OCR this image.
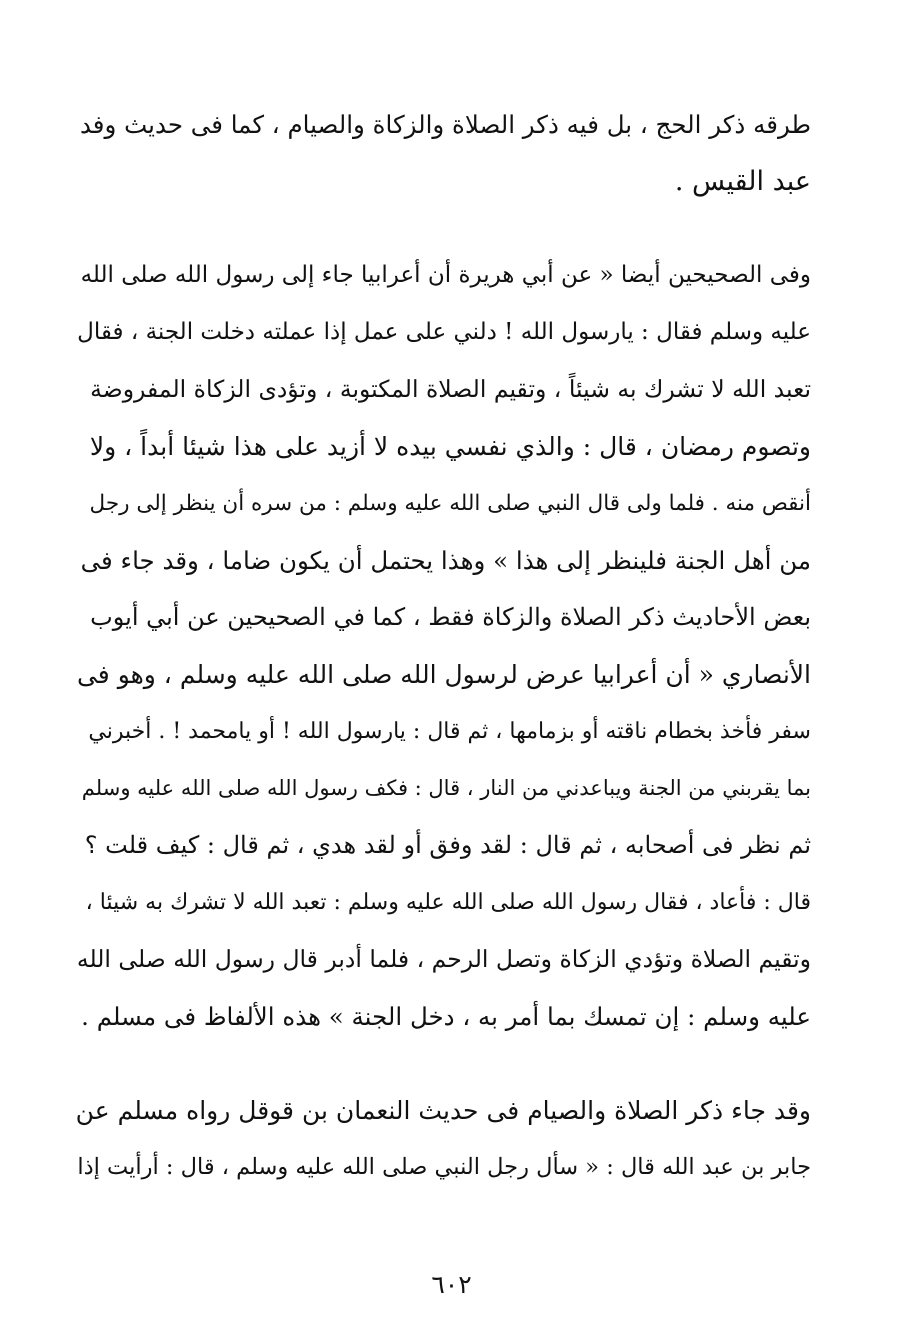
طرقه ذكر الحج ، بل فيه ذكر الصلاة والزكاة والصيام ، كما فى حديث وفد
عبد القيس .

وفى الصحيحين أيضا « عن أبي هريرة أن أعرابيا جاء إلى رسول الله صلى الله
عليه وسلم فقال : يارسول الله ! دلني على عمل إذا عملته دخلت الجنة ، فقال
تعبد الله لا تشرك به شيئاً ، وتقيم الصلاة المكتوبة ، وتؤدى الزكاة المفروضة
وتصوم رمضان ، قال : والذي نفسي بيده لا أزيد على هذا شيئا أبداً ، ولا
أنقص منه . فلما ولى قال النبي صلى الله عليه وسلم : من سره أن ينظر إلى رجل
من أهل الجنة فلينظر إلى هذا » وهذا يحتمل أن يكون ضاما ، وقد جاء فى
بعض الأحاديث ذكر الصلاة والزكاة فقط ، كما في الصحيحين عن أبي أيوب
الأنصاري « أن أعرابيا عرض لرسول الله صلى الله عليه وسلم ، وهو فى
سفر فأخذ بخطام ناقته أو بزمامها ، ثم قال : يارسول الله ! أو يامحمد ! . أخبرني
بما يقربني من الجنة ويباعدني من النار ، قال : فكف رسول الله صلى الله عليه وسلم
ثم نظر فى أصحابه ، ثم قال : لقد وفق أو لقد هدي ، ثم قال : كيف قلت ؟
قال : فأعاد ، فقال رسول الله صلى الله عليه وسلم : تعبد الله لا تشرك به شيئا ،
وتقيم الصلاة وتؤدي الزكاة وتصل الرحم ، فلما أدبر قال رسول الله صلى الله
عليه وسلم : إن تمسك بما أمر به ، دخل الجنة » هذه الألفاظ فى مسلم .

وقد جاء ذكر الصلاة والصيام فى حديث النعمان بن قوقل رواه مسلم عن
جابر بن عبد الله قال : « سأل رجل النبي صلى الله عليه وسلم ، قال : أرأيت إذا

٦٠٢
